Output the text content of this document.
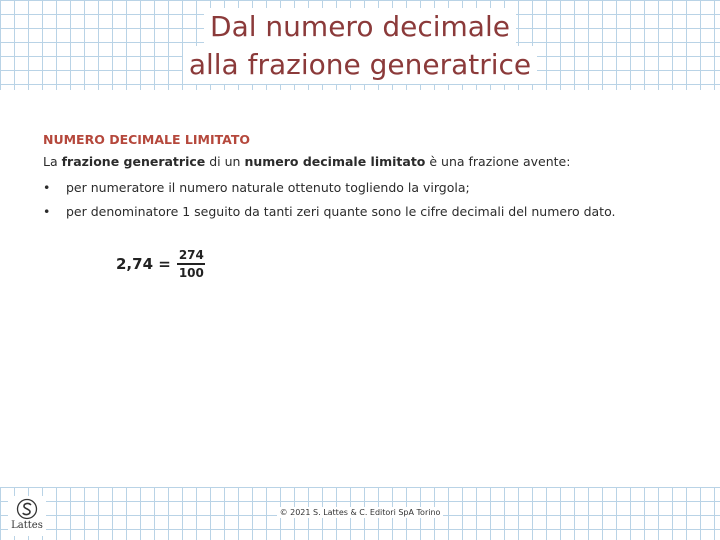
Dal numero decimale
alla frazione generatrice
NUMERO DECIMALE LIMITATO
La frazione generatrice di un numero decimale limitato è una frazione avente:
• per numeratore il numero naturale ottenuto togliendo la virgola;
• per denominatore 1 seguito da tanti zeri quante sono le cifre decimali del numero dato.
$2,74 = \frac{274}{100}$
Lattes
© 2021 S. Lattes & C. Editori SpA Torino
